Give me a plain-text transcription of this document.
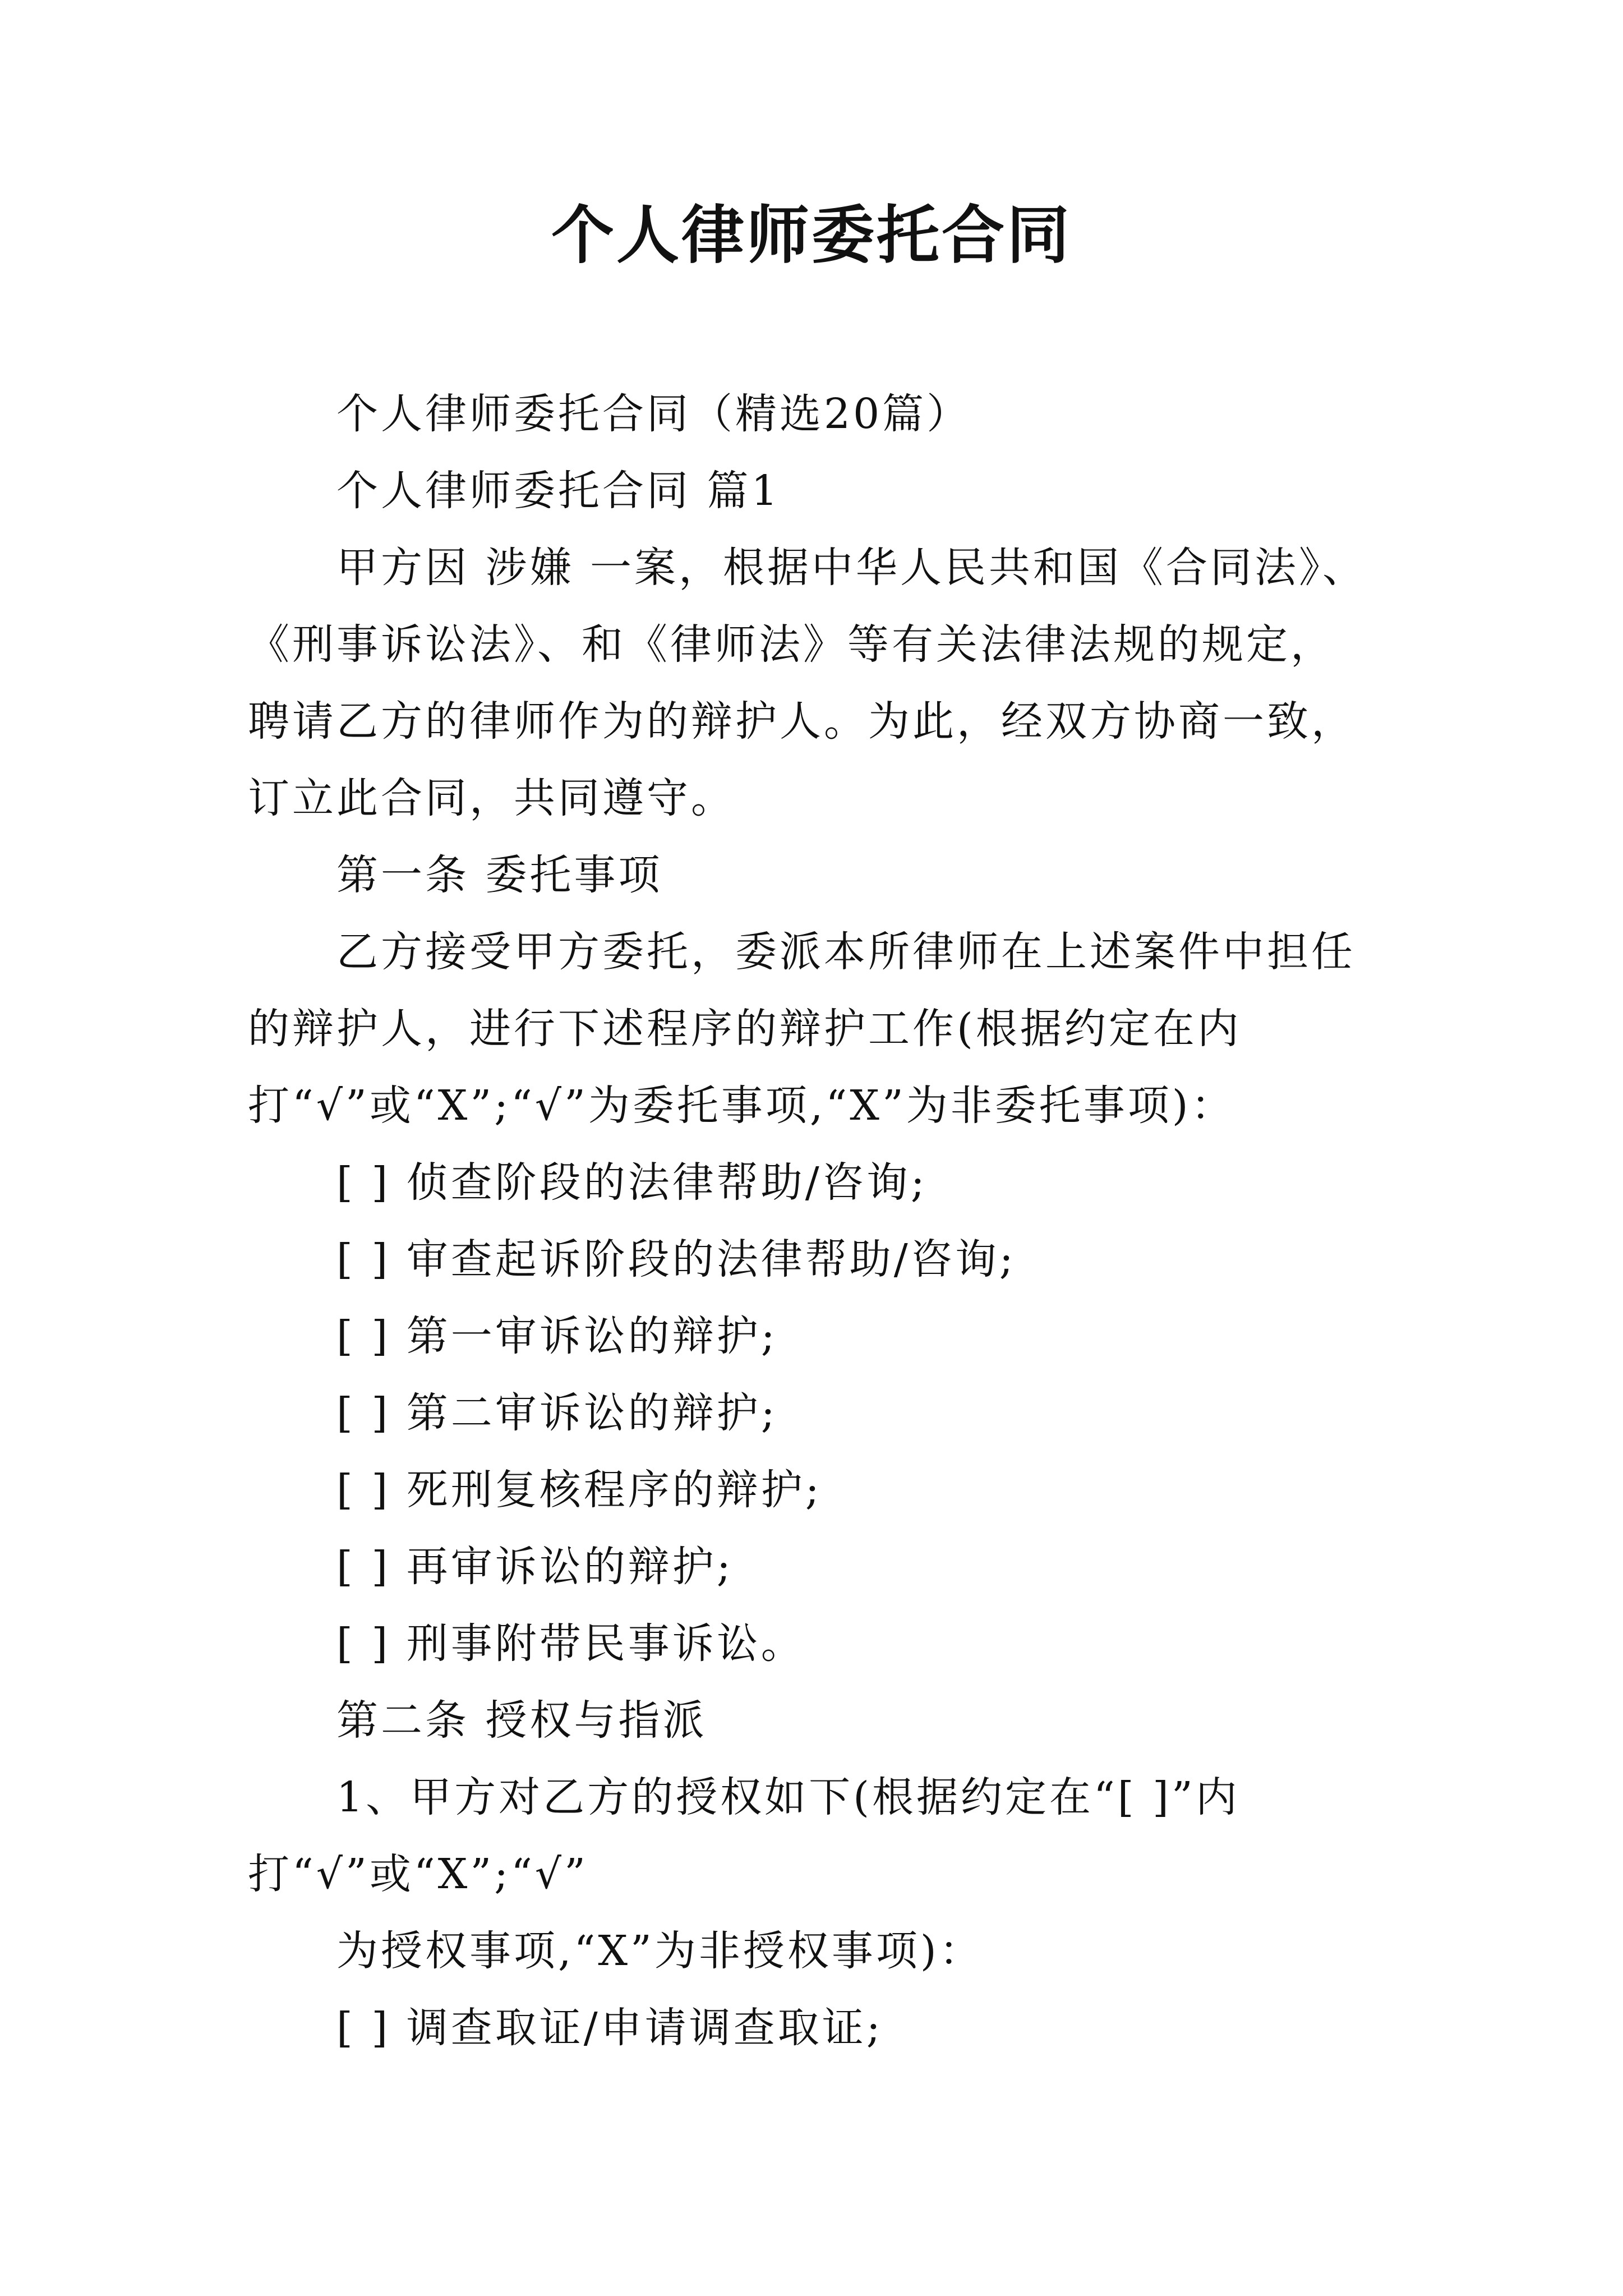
个人律师委托合同

个人律师委托合同（精选20篇）

个人律师委托合同 篇1

甲方因 涉嫌 一案，根据中华人民共和国《合同法》、《刑事诉讼法》、和《律师法》等有关法律法规的规定，聘请乙方的律师作为的辩护人。为此，经双方协商一致，订立此合同，共同遵守。

第一条 委托事项

乙方接受甲方委托，委派本所律师在上述案件中担任的辩护人，进行下述程序的辩护工作(根据约定在内打“√”或“X”;“√”为委托事项,“X”为非委托事项)：

[ ] 侦查阶段的法律帮助/咨询;

[ ] 审查起诉阶段的法律帮助/咨询;

[ ] 第一审诉讼的辩护;

[ ] 第二审诉讼的辩护;

[ ] 死刑复核程序的辩护;

[ ] 再审诉讼的辩护;

[ ] 刑事附带民事诉讼。

第二条 授权与指派

1、甲方对乙方的授权如下(根据约定在“[ ]”内打“√”或“X”;“√”

为授权事项,“X”为非授权事项)：

[ ] 调查取证/申请调查取证;
